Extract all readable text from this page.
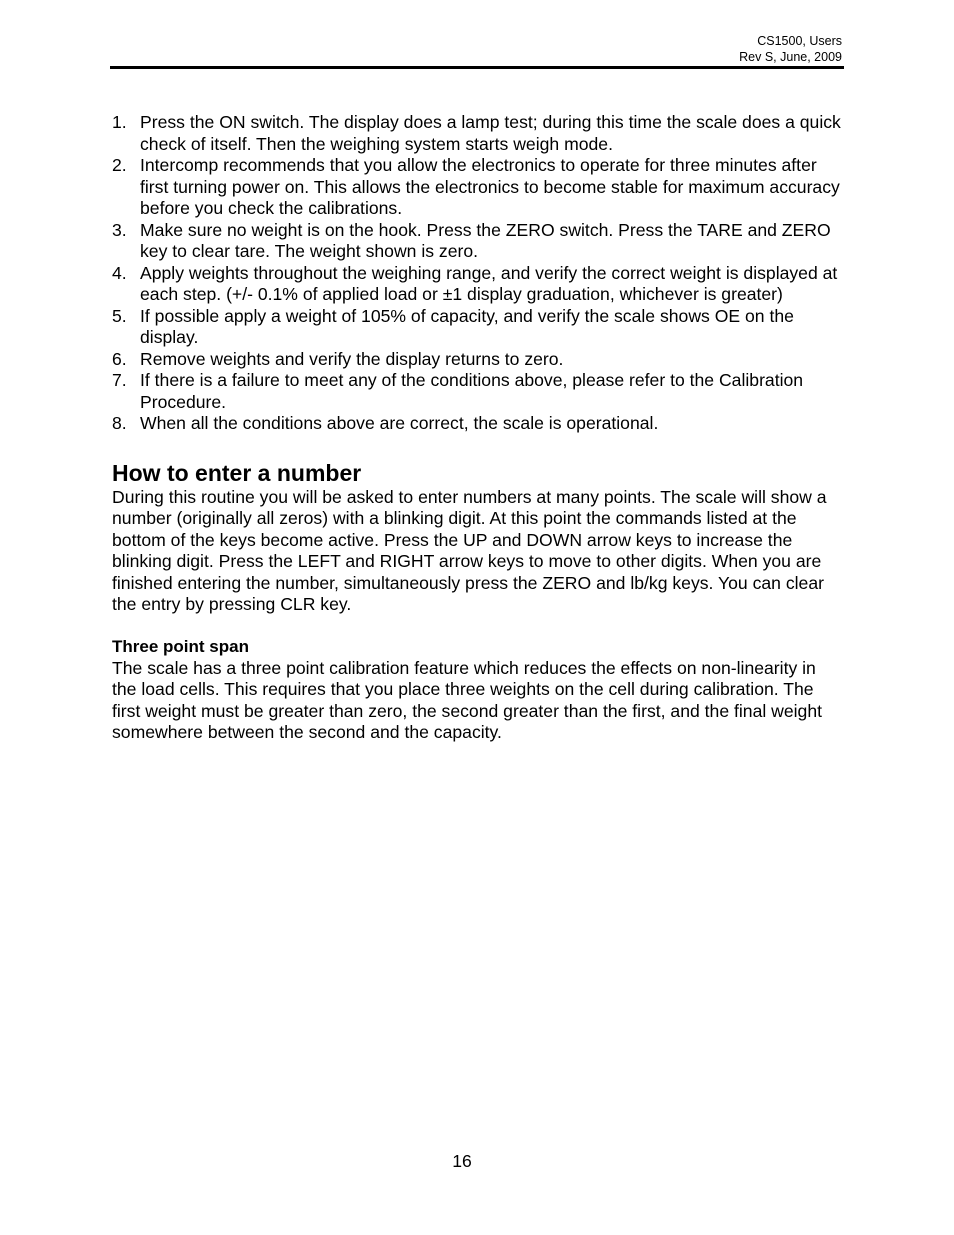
CS1500, Users
Rev S, June, 2009
1. Press the ON switch. The display does a lamp test; during this time the scale does a quick check of itself. Then the weighing system starts weigh mode.
2. Intercomp recommends that you allow the electronics to operate for three minutes after first turning power on. This allows the electronics to become stable for maximum accuracy before you check the calibrations.
3. Make sure no weight is on the hook. Press the ZERO switch. Press the TARE and ZERO key to clear tare. The weight shown is zero.
4. Apply weights throughout the weighing range, and verify the correct weight is displayed at each step. (+/- 0.1% of applied load or ±1 display graduation, whichever is greater)
5. If possible apply a weight of 105% of capacity, and verify the scale shows OE on the display.
6. Remove weights and verify the display returns to zero.
7. If there is a failure to meet any of the conditions above, please refer to the Calibration Procedure.
8. When all the conditions above are correct, the scale is operational.
How to enter a number

During this routine you will be asked to enter numbers at many points. The scale will show a number (originally all zeros) with a blinking digit. At this point the commands listed at the bottom of the keys become active. Press the UP and DOWN arrow keys to increase the blinking digit. Press the LEFT and RIGHT arrow keys to move to other digits. When you are finished entering the number, simultaneously press the ZERO and lb/kg keys. You can clear the entry by pressing CLR key.

Three point span

The scale has a three point calibration feature which reduces the effects on non-linearity in the load cells. This requires that you place three weights on the cell during calibration. The first weight must be greater than zero, the second greater than the first, and the final weight somewhere between the second and the capacity.

16
